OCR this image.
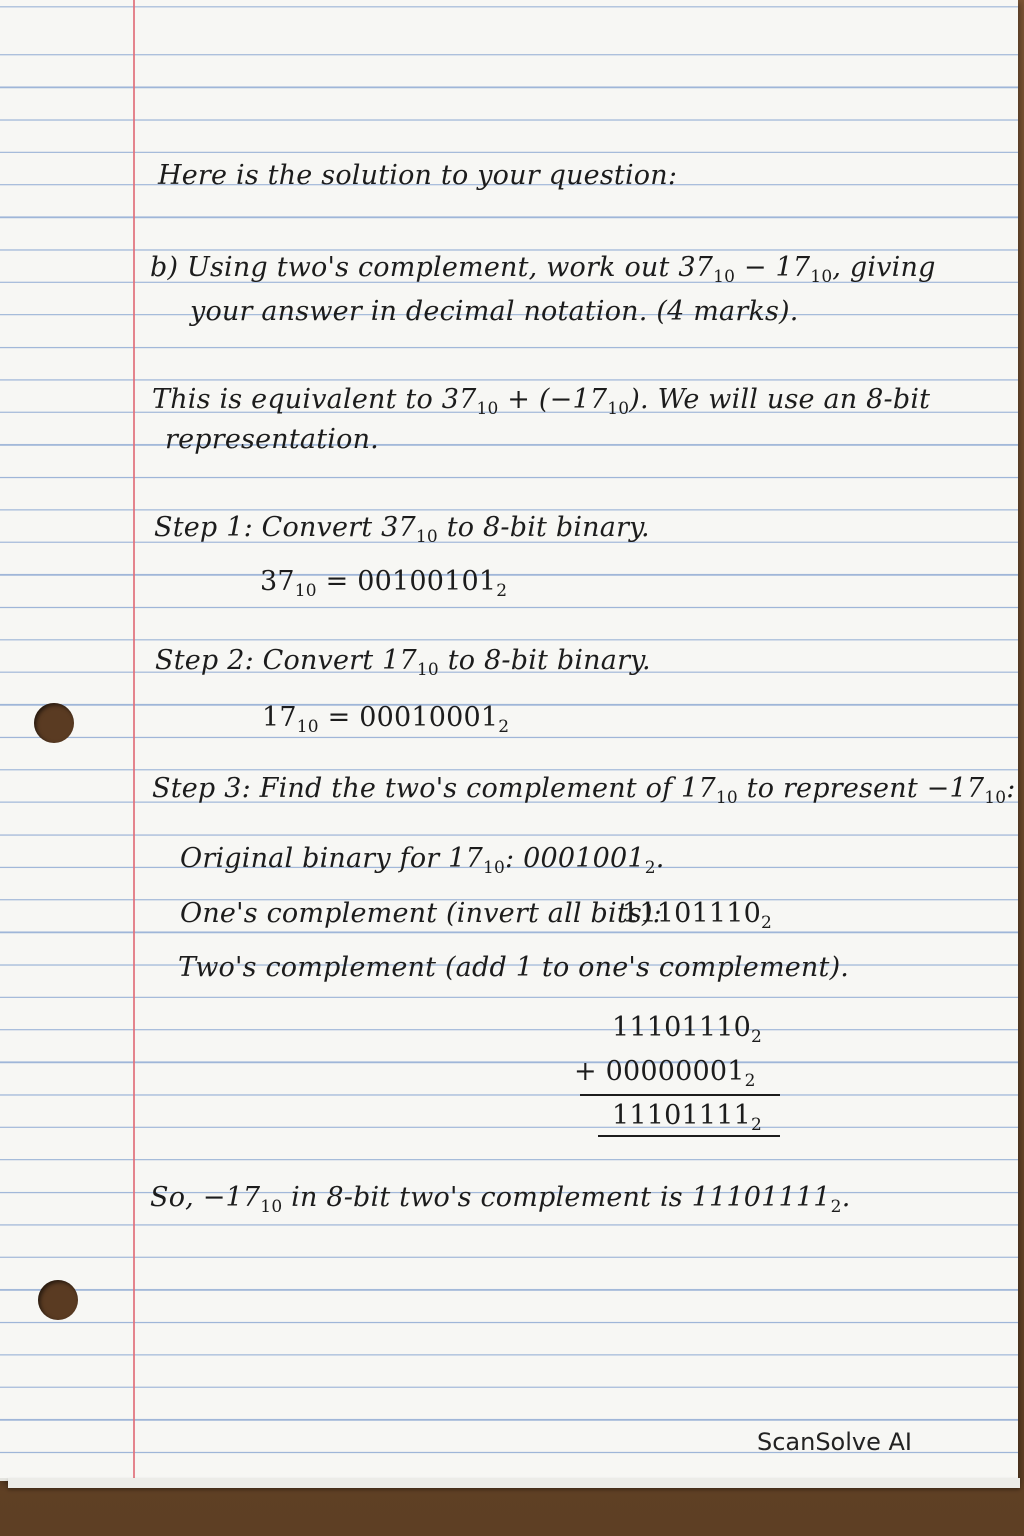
Here is the solution to your question:

b) Using two's complement, work out $37_{10} - 17_{10}$, giving

your answer in decimal notation. (4 marks).

This is equivalent to $37_{10} + (-17_{10})$. We will use an 8-bit

representation.

Step 1: Convert $37_{10}$ to 8-bit binary.

$37_{10} = 00100101_2$

Step 2: Convert $17_{10}$ to 8-bit binary.

$17_{10} = 00010001_2$

Step 3: Find the two's complement of $17_{10}$ to represent $-17_{10}$:

Original binary for $17_{10}$: $0001001_2$.

One's complement (invert all bits):

$11101110_2$

Two's complement (add 1 to one's complement).

$11101110_2$

+ $00000001_2$

$11101111_2$

So, $-17_{10}$ in 8-bit two's complement is $11101111_2$.

ScanSolve AI
